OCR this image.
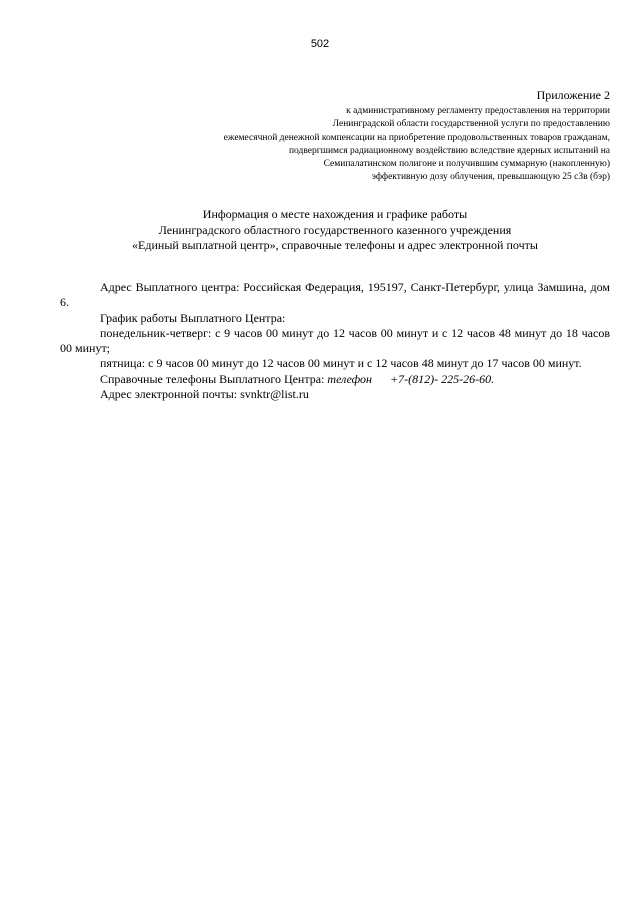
502
Приложение 2
к административному регламенту предоставления на территории
Ленинградской области государственной услуги по предоставлению
ежемесячной денежной компенсации на приобретение продовольственных товаров гражданам,
подвергшимся радиационному воздействию вследствие ядерных испытаний на
Семипалатинском полигоне и получившим суммарную (накопленную)
эффективную дозу облучения, превышающую 25 сЗв (бэр)
Информация о месте нахождения и графике работы
Ленинградского областного государственного казенного учреждения
«Единый выплатной центр», справочные телефоны и адрес электронной почты

Адрес Выплатного центра: Российская Федерация, 195197, Санкт-Петербург, улица Замшина, дом 6.

График работы Выплатного Центра:

понедельник-четверг: с 9 часов 00 минут до 12 часов 00 минут и с 12 часов 48 минут до 18 часов 00 минут;

пятница: с 9 часов 00 минут до 12 часов 00 минут и с 12 часов 48 минут до 17 часов 00 минут.

Справочные телефоны Выплатного Центра: телефон +7-(812)- 225-26-60.

Адрес электронной почты: svnktr@list.ru
